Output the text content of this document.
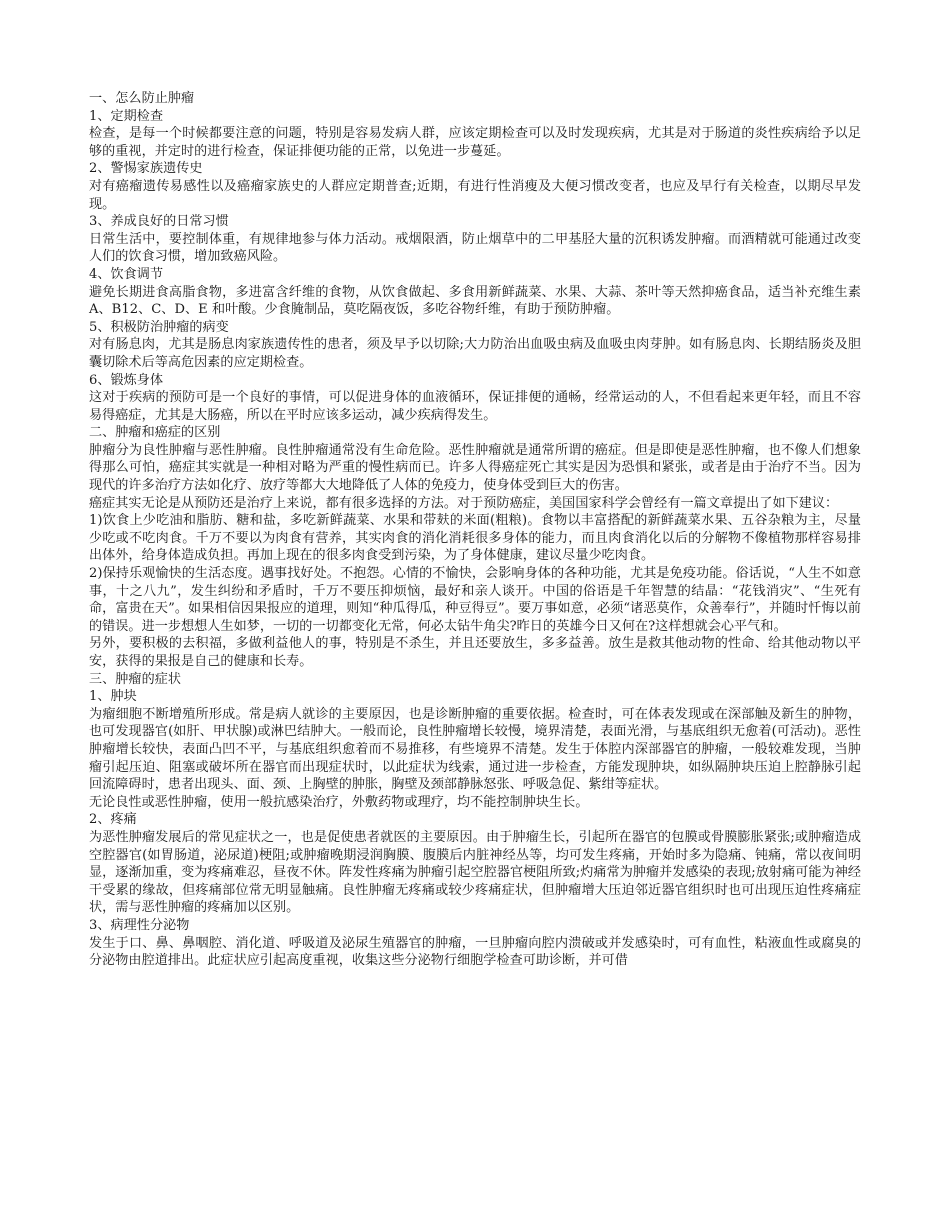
一、怎么防止肿瘤

1、定期检查

检查，是每一个时候都要注意的问题，特别是容易发病人群，应该定期检查可以及时发现疾病，尤其是对于肠道的炎性疾病给予以足够的重视，并定时的进行检查，保证排便功能的正常，以免进一步蔓延。

2、警惕家族遗传史

对有癌瘤遗传易感性以及癌瘤家族史的人群应定期普查;近期，有进行性消瘦及大便习惯改变者，也应及早行有关检查，以期尽早发现。

3、养成良好的日常习惯

日常生活中，要控制体重，有规律地参与体力活动。戒烟限酒，防止烟草中的二甲基胫大量的沉积诱发肿瘤。而酒精就可能通过改变人们的饮食习惯，增加致癌风险。

4、饮食调节

避免长期进食高脂食物，多进富含纤维的食物，从饮食做起、多食用新鲜蔬菜、水果、大蒜、茶叶等天然抑癌食品，适当补充维生素 A、B12、C、D、E 和叶酸。少食腌制品，莫吃隔夜饭，多吃谷物纤维，有助于预防肿瘤。

5、积极防治肿瘤的病变

对有肠息肉，尤其是肠息肉家族遗传性的患者，须及早予以切除;大力防治出血吸虫病及血吸虫肉芽肿。如有肠息肉、长期结肠炎及胆囊切除术后等高危因素的应定期检查。

6、锻炼身体

这对于疾病的预防可是一个良好的事情，可以促进身体的血液循环，保证排便的通畅，经常运动的人，不但看起来更年轻，而且不容易得癌症，尤其是大肠癌，所以在平时应该多运动，减少疾病得发生。

二、肿瘤和癌症的区别

肿瘤分为良性肿瘤与恶性肿瘤。良性肿瘤通常没有生命危险。恶性肿瘤就是通常所谓的癌症。但是即使是恶性肿瘤，也不像人们想象得那么可怕，癌症其实就是一种相对略为严重的慢性病而已。许多人得癌症死亡其实是因为恐惧和紧张，或者是由于治疗不当。因为现代的许多治疗方法如化疗、放疗等都大大地降低了人体的免疫力，使身体受到巨大的伤害。

癌症其实无论是从预防还是治疗上来说，都有很多选择的方法。对于预防癌症，美国国家科学会曾经有一篇文章提出了如下建议：

1)饮食上少吃油和脂肪、糖和盐，多吃新鲜蔬菜、水果和带麸的米面(粗粮)。食物以丰富搭配的新鲜蔬菜水果、五谷杂粮为主，尽量少吃或不吃肉食。千万不要以为肉食有营养，其实肉食的消化消耗很多身体的能力，而且肉食消化以后的分解物不像植物那样容易排出体外，给身体造成负担。再加上现在的很多肉食受到污染，为了身体健康，建议尽量少吃肉食。

2)保持乐观愉快的生活态度。遇事找好处。不抱怨。心情的不愉快，会影响身体的各种功能，尤其是免疫功能。俗话说，“人生不如意事，十之八九”，发生纠纷和矛盾时，千万不要压抑烦恼，最好和亲人谈开。中国的俗语是千年智慧的结晶：“花钱消灾”、“生死有命，富贵在天”。如果相信因果报应的道理，则知“种瓜得瓜，种豆得豆”。要万事如意，必须“诸恶莫作，众善奉行”，并随时忏悔以前的错误。进一步想想人生如梦，一切的一切都变化无常，何必太钻牛角尖?昨日的英雄今日又何在?这样想就会心平气和。

另外，要积极的去积福，多做利益他人的事，特别是不杀生，并且还要放生，多多益善。放生是救其他动物的性命、给其他动物以平安，获得的果报是自己的健康和长寿。

三、肿瘤的症状

1、肿块

为瘤细胞不断增殖所形成。常是病人就诊的主要原因，也是诊断肿瘤的重要依据。检查时，可在体表发现或在深部触及新生的肿物，也可发现器官(如肝、甲状腺)或淋巴结肿大。一般而论，良性肿瘤增长较慢，境界清楚，表面光滑，与基底组织无愈着(可活动)。恶性肿瘤增长较快，表面凸凹不平，与基底组织愈着而不易推移，有些境界不清楚。发生于体腔内深部器官的肿瘤，一般较难发现，当肿瘤引起压迫、阻塞或破坏所在器官而出现症状时，以此症状为线索，通过进一步检查，方能发现肿块，如纵隔肿块压迫上腔静脉引起回流障碍时，患者出现头、面、颈、上胸壁的肿胀，胸壁及颈部静脉怒张、呼吸急促、紫绀等症状。

无论良性或恶性肿瘤，使用一般抗感染治疗，外敷药物或理疗，均不能控制肿块生长。

2、疼痛

为恶性肿瘤发展后的常见症状之一，也是促使患者就医的主要原因。由于肿瘤生长，引起所在器官的包膜或骨膜膨胀紧张;或肿瘤造成空腔器官(如胃肠道，泌尿道)梗阻;或肿瘤晚期浸润胸膜、腹膜后内脏神经丛等，均可发生疼痛，开始时多为隐痛、钝痛，常以夜间明显，逐渐加重，变为疼痛难忍，昼夜不休。阵发性疼痛为肿瘤引起空腔器官梗阻所致;灼痛常为肿瘤并发感染的表现;放射痛可能为神经干受累的缘故，但疼痛部位常无明显触痛。良性肿瘤无疼痛或较少疼痛症状，但肿瘤增大压迫邻近器官组织时也可出现压迫性疼痛症状，需与恶性肿瘤的疼痛加以区别。

3、病理性分泌物

发生于口、鼻、鼻咽腔、消化道、呼吸道及泌尿生殖器官的肿瘤，一旦肿瘤向腔内溃破或并发感染时，可有血性，粘液血性或腐臭的分泌物由腔道排出。此症状应引起高度重视，收集这些分泌物行细胞学检查可助诊断，并可借
